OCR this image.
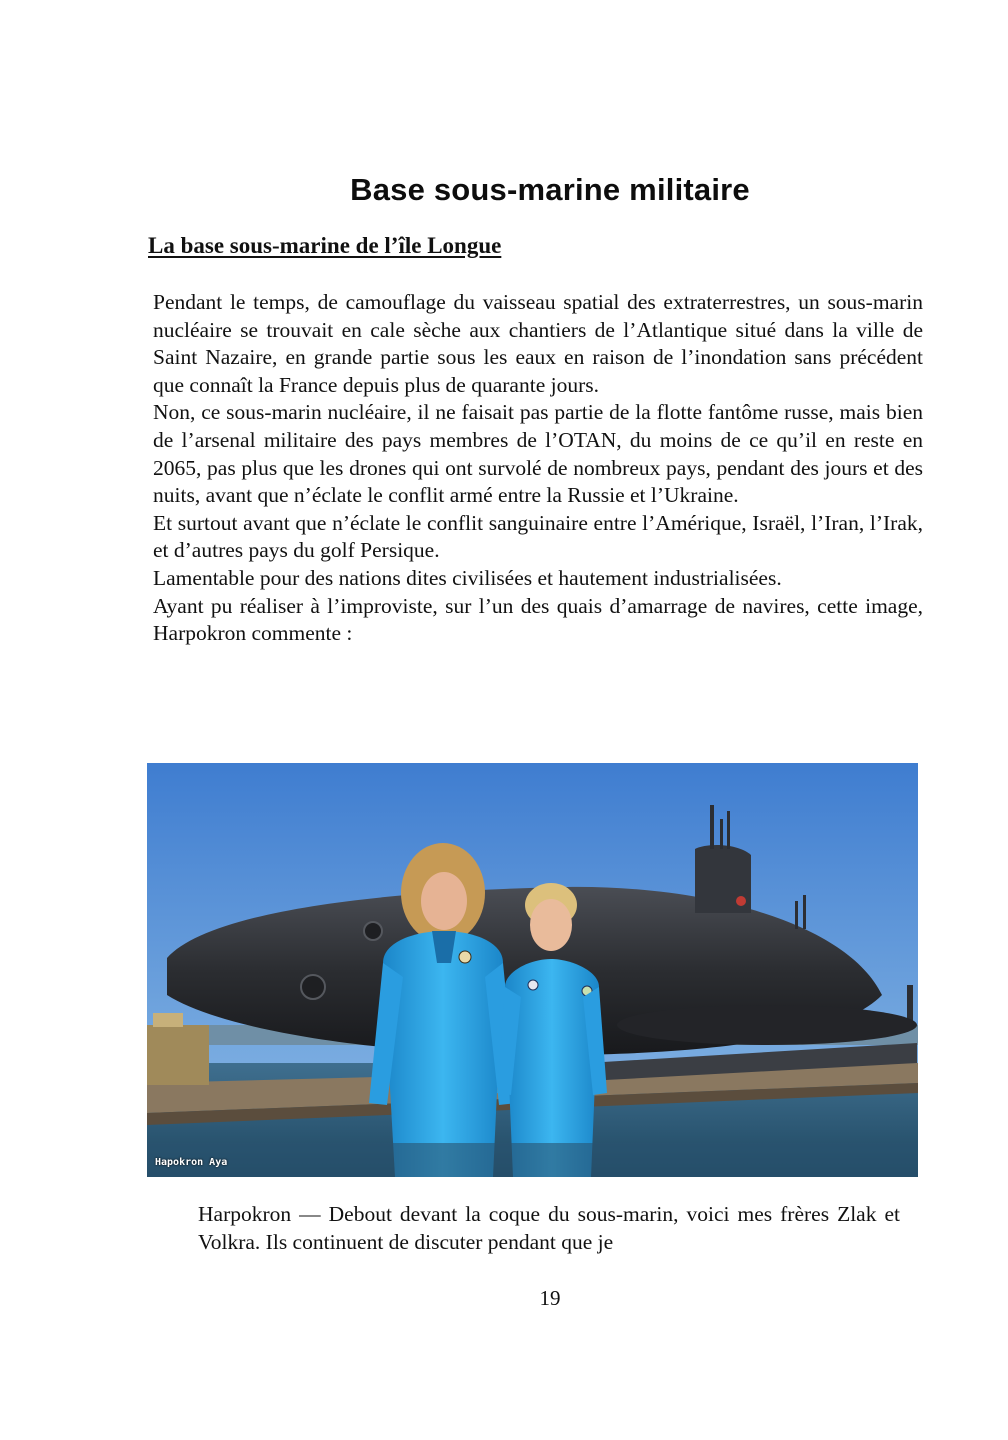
Base sous-marine militaire
La base sous-marine de l’île Longue

Pendant le temps, de camouflage du vaisseau spatial des extraterrestres, un sous-marin nucléaire se trouvait en cale sèche aux chantiers de l’Atlantique situé dans la ville de Saint Nazaire, en grande partie sous les eaux en raison de l’inondation sans précédent que connaît la France depuis plus de quarante jours.

Non, ce sous-marin nucléaire, il ne faisait pas partie de la flotte fantôme russe, mais bien de l’arsenal militaire des pays membres de l’OTAN, du moins de ce qu’il en reste en 2065, pas plus que les drones qui ont survolé de nombreux pays, pendant des jours et des nuits, avant que n’éclate le conflit armé entre la Russie et l’Ukraine.

Et surtout avant que n’éclate le conflit sanguinaire entre l’Amérique, Israël, l’Iran, l’Irak, et d’autres pays du golf Persique.

Lamentable pour des nations dites civilisées et hautement industrialisées.

Ayant pu réaliser à l’improviste, sur l’un des quais d’amarrage de navires, cette image, Harpokron commente :

Hapokron Aya
Harpokron — Debout devant la coque du sous-marin, voici mes frères Zlak et Volkra. Ils continuent de discuter pendant que je
19
